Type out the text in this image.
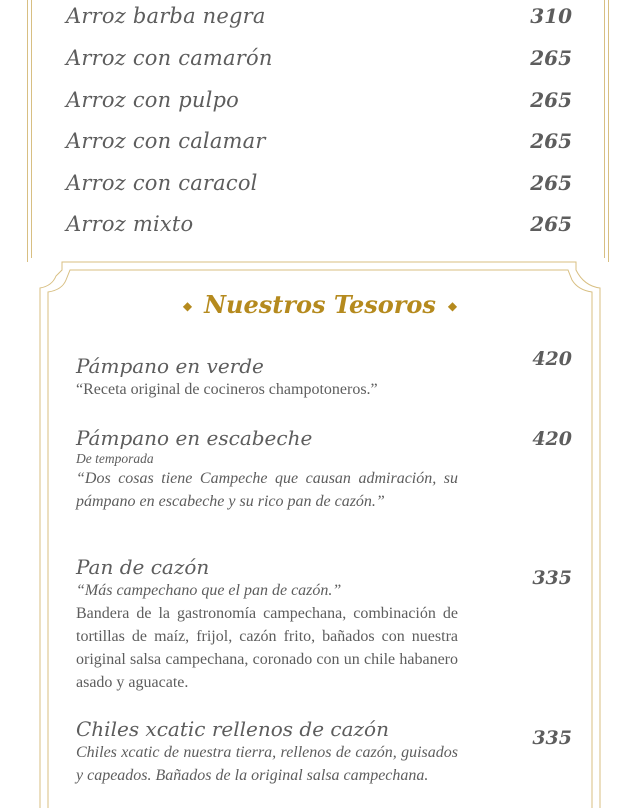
Arroz barba negra	310
Arroz con camarón	265
Arroz con pulpo	265
Arroz con calamar	265
Arroz con caracol	265
Arroz mixto	265
◆ Nuestros Tesoros ◆
Pámpano en verde	420
“Receta original de cocineros champotoneros.”
Pámpano en escabeche	420
De temporada
“Dos cosas tiene Campeche que causan admiración, su pámpano en escabeche y su rico pan de cazón.”
Pan de cazón	335
“Más campechano que el pan de cazón.”
Bandera de la gastronomía campechana, combinación de tortillas de maíz, frijol, cazón frito, bañados con nuestra original salsa campechana, coronado con un chile habanero asado y aguacate.
Chiles xcatic rellenos de cazón	335
Chiles xcatic de nuestra tierra, rellenos de cazón, guisados y capeados. Bañados de la original salsa campechana.
